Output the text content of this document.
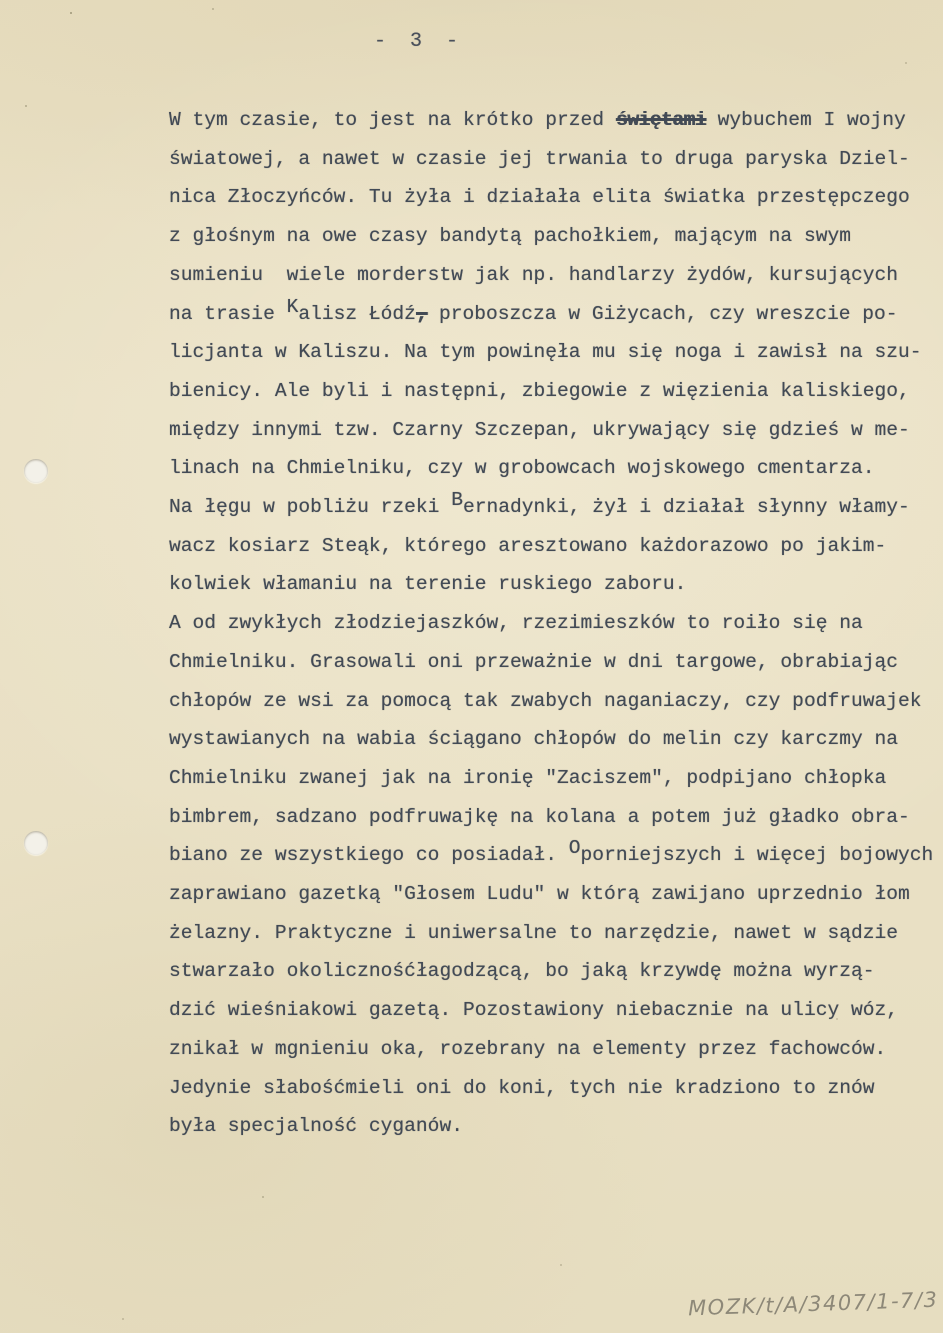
- 3 -
W tym czasie, to jest na krótko przed świętami wybuchem I wojny
światowej, a nawet w czasie jej trwania to druga paryska Dziel-
nica Złoczyńców. Tu żyła i działała elita światka przestępczego
z głośnym na owe czasy bandytą pachołkiem, mającym na swym
sumieniu  wiele morderstw jak np. handlarzy żydów, kursujących
na trasie Kalisz Łódź, proboszcza w Giżycach, czy wreszcie po-
licjanta w Kaliszu. Na tym powinęła mu się noga i zawisł na szu-
bienicy. Ale byli i następni, zbiegowie z więzienia kaliskiego,
między innymi tzw. Czarny Szczepan, ukrywający się gdzieś w me-
linach na Chmielniku, czy w grobowcach wojskowego cmentarza.
Na łęgu w pobliżu rzeki Bernadynki, żył i działał słynny włamy-
wacz kosiarz Steąk, którego aresztowano każdorazowo po jakim-
kolwiek włamaniu na terenie ruskiego zaboru.
A od zwykłych złodziejaszków, rzezimieszków to roiło się na
Chmielniku. Grasowali oni przeważnie w dni targowe, obrabiając
chłopów ze wsi za pomocą tak zwabych naganiaczy, czy podfruwajek
wystawianych na wabia ściągano chłopów do melin czy karczmy na
Chmielniku zwanej jak na ironię "Zaciszem", podpijano chłopka
bimbrem, sadzano podfruwajkę na kolana a potem już gładko obra-
biano ze wszystkiego co posiadał. Oporniejszych i więcej bojowych
zaprawiano gazetką "Głosem Ludu" w którą zawijano uprzednio łom
żelazny. Praktyczne i uniwersalne to narzędzie, nawet w sądzie
stwarzało okolicznośćłagodzącą, bo jaką krzywdę można wyrzą-
dzić wieśniakowi gazetą. Pozostawiony niebacznie na ulicy wóz,
znikał w mgnieniu oka, rozebrany na elementy przez fachowców.
Jedynie słabośćmieli oni do koni, tych nie kradziono to znów
była specjalność cyganów.
MOZK/t/A/3407/1-7/3
